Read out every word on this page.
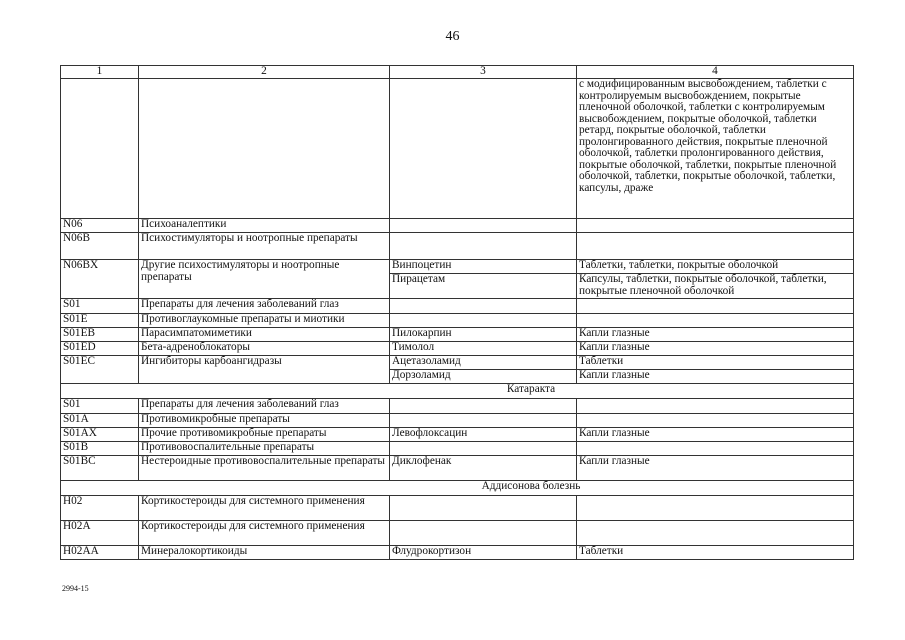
46
1	2	3	4
			с модифицированным высвобождением, таблетки с контролируемым высвобождением, покрытые пленочной оболочкой, таблетки с контролируемым высвобождением, покрытые оболочкой, таблетки ретард, покрытые оболочкой, таблетки пролонгированного действия, покрытые пленочной оболочкой, таблетки пролонгированного действия, покрытые оболочкой, таблетки, покрытые пленочной оболочкой, таблетки, покрытые оболочкой, таблетки, капсулы, драже
N06	Психоаналептики		
N06B	Психостимуляторы и ноотропные препараты		
N06BX	Другие психостимуляторы и ноотропные препараты	Винпоцетин	Таблетки, таблетки, покрытые оболочкой
		Пирацетам	Капсулы, таблетки, покрытые оболочкой, таблетки, покрытые пленочной оболочкой
S01	Препараты для лечения заболеваний глаз		
S01E	Противоглаукомные препараты и миотики		
S01EB	Парасимпатомиметики	Пилокарпин	Капли глазные
S01ED	Бета-адреноблокаторы	Тимолол	Капли глазные
S01EC	Ингибиторы карбоангидразы	Ацетазоламид	Таблетки
		Дорзоламид	Капли глазные
Катаракта			
S01	Препараты для лечения заболеваний глаз		
S01A	Противомикробные препараты		
S01AX	Прочие противомикробные препараты	Левофлоксацин	Капли глазные
S01B	Противовоспалительные препараты		
S01BC	Нестероидные противовоспалительные препараты	Диклофенак	Капли глазные
Аддисонова болезнь			
H02	Кортикостероиды для системного применения		
H02A	Кортикостероиды для системного применения		
H02AA	Минералокортикоиды	Флудрокортизон	Таблетки
2994-15
